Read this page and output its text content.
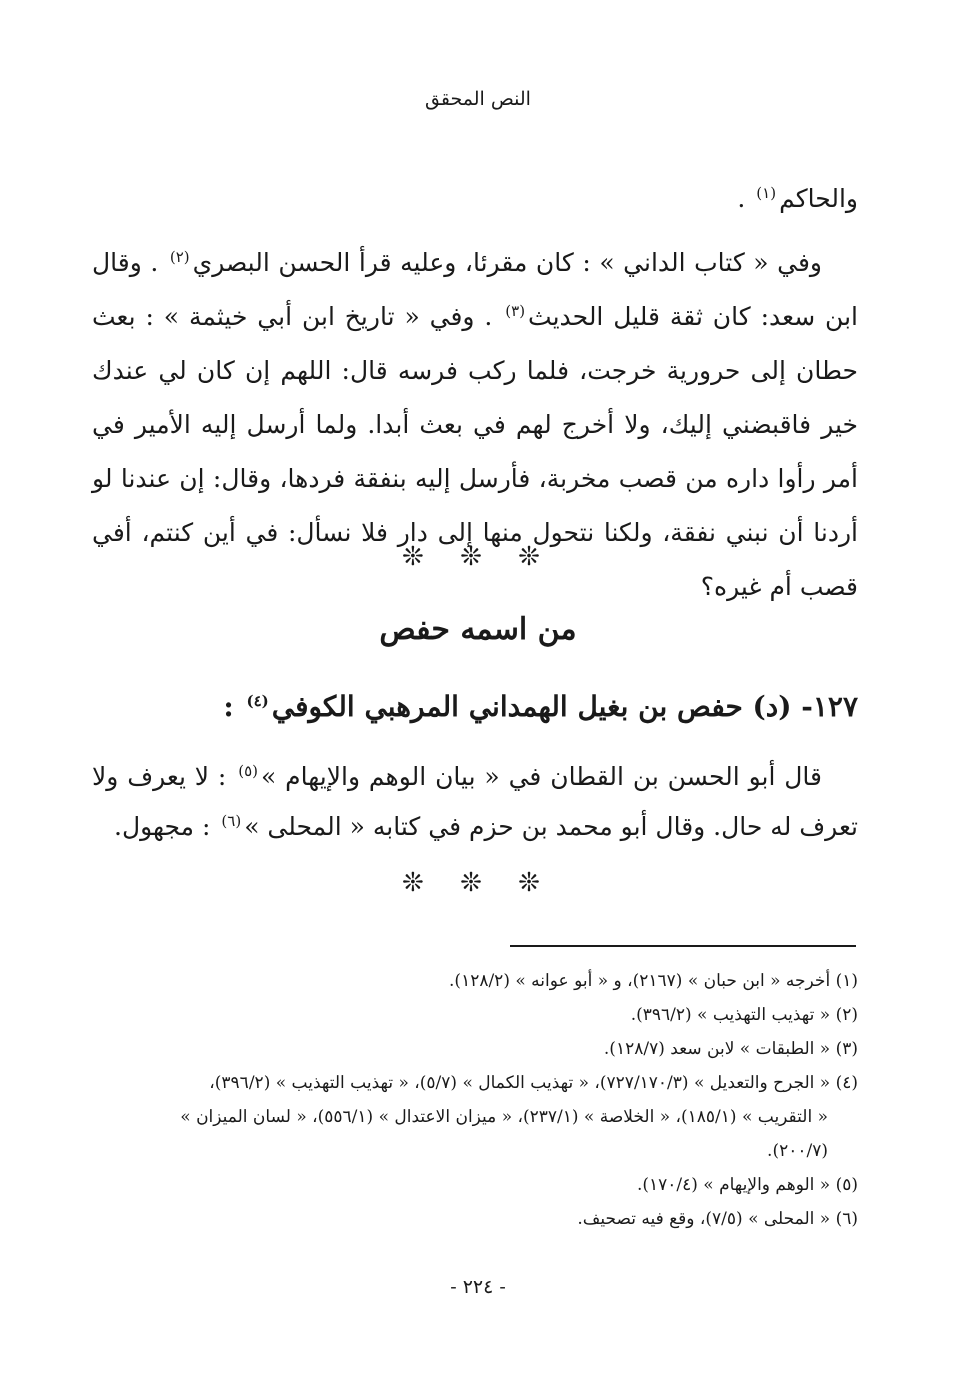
النص المحقق
والحاكم$^{(١)}$ .
وفي « كتاب الداني » : كان مقرئا، وعليه قرأ الحسن البصري$^{(٢)}$ . وقال ابن سعد: كان ثقة قليل الحديث$^{(٣)}$ . وفي « تاريخ ابن أبي خيثمة » : بعث حطان إلى حرورية خرجت، فلما ركب فرسه قال: اللهم إن كان لي عندك خير فاقبضني إليك، ولا أخرج لهم في بعث أبدا. ولما أرسل إليه الأمير في أمر رأوا داره من قصب مخربة، فأرسل إليه بنفقة فردها، وقال: إن عندنا لو أردنا أن نبني نفقة، ولكنا نتحول منها إلى دار فلا نسأل: في أين كنتم، أفي قصب أم غيره؟
❊ ❊ ❊
من اسمه حفص
١٢٧- (د) حفص بن بغيل الهمداني المرهبي الكوفي$^{(٤)}$ :
قال أبو الحسن بن القطان في « بيان الوهم والإيهام »$^{(٥)}$ : لا يعرف ولا تعرف له حال. وقال أبو محمد بن حزم في كتابه « المحلى »$^{(٦)}$ : مجهول.
❊ ❊ ❊

(١) أخرجه « ابن حبان » (٢١٦٧)، و « أبو عوانه » (١٢٨/٢).

(٢) « تهذيب التهذيب » (٣٩٦/٢).

(٣) « الطبقات » لابن سعد (١٢٨/٧).

(٤) « الجرح والتعديل » (٧٢٧/١٧٠/٣)، « تهذيب الكمال » (٥/٧)، « تهذيب التهذيب » (٣٩٦/٢)،

« التقريب » (١٨٥/١)، « الخلاصة » (٢٣٧/١)، « ميزان الاعتدال » (٥٥٦/١)، « لسان الميزان »

(٢٠٠/٧).

(٥) « الوهم والإيهام » (١٧٠/٤).

(٦) « المحلى » (٧/٥)، وقع فيه تصحيف.

- ٢٢٤ -
